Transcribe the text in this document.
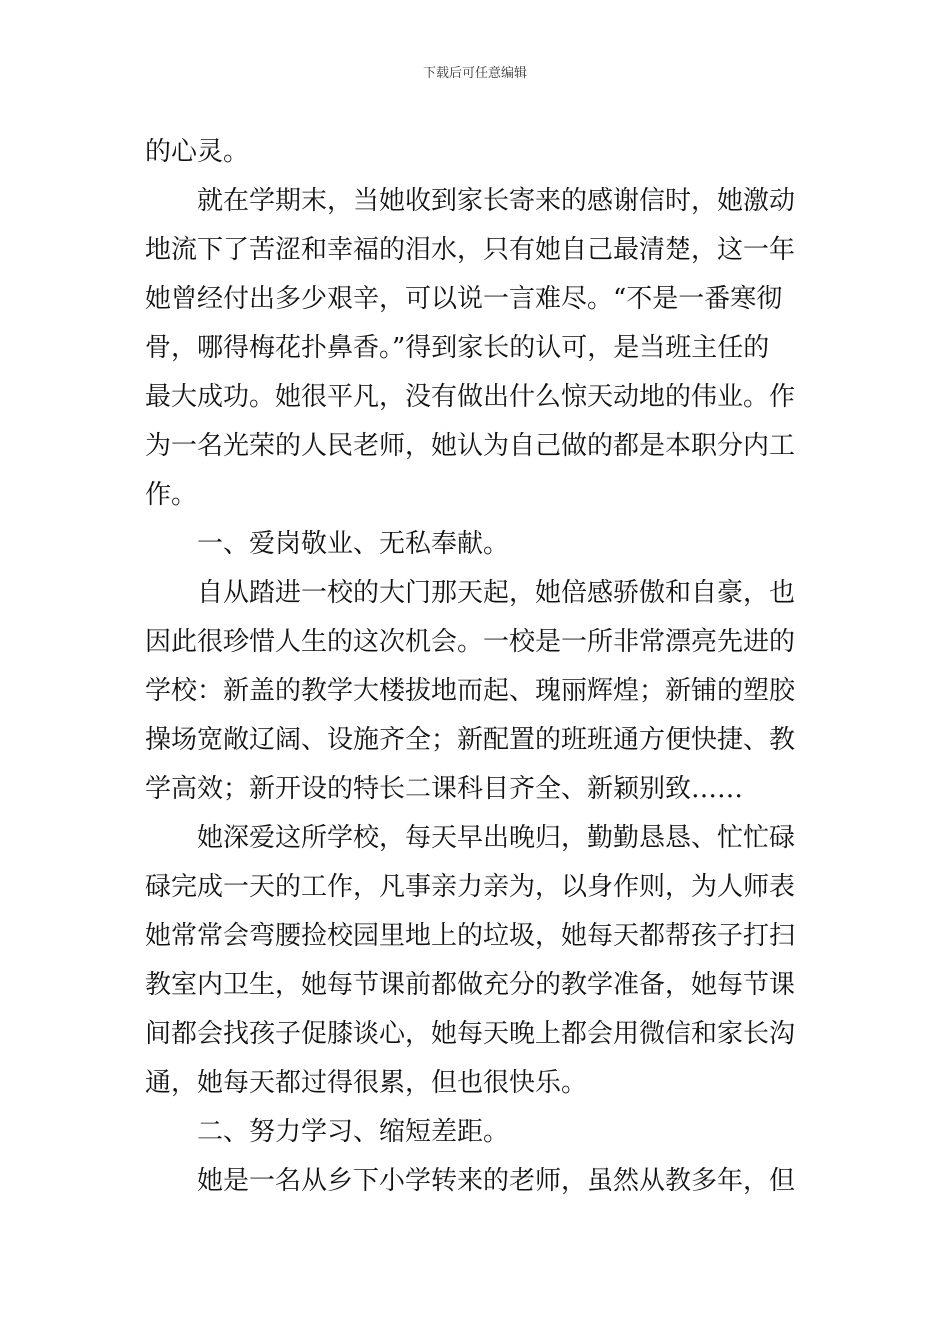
下载后可任意编辑
的心灵。
就在学期末，当她收到家长寄来的感谢信时，她激动
地流下了苦涩和幸福的泪水，只有她自己最清楚，这一年
她曾经付出多少艰辛，可以说一言难尽。“不是一番寒彻
骨，哪得梅花扑鼻香。”得到家长的认可，是当班主任的
最大成功。她很平凡，没有做出什么惊天动地的伟业。作
为一名光荣的人民老师，她认为自己做的都是本职分内工
作。
一、爱岗敬业、无私奉献。
自从踏进一校的大门那天起，她倍感骄傲和自豪，也
因此很珍惜人生的这次机会。一校是一所非常漂亮先进的
学校：新盖的教学大楼拔地而起、瑰丽辉煌；新铺的塑胶
操场宽敞辽阔、设施齐全；新配置的班班通方便快捷、教
学高效；新开设的特长二课科目齐全、新颖别致……
她深爱这所学校，每天早出晚归，勤勤恳恳、忙忙碌
碌完成一天的工作，凡事亲力亲为，以身作则，为人师表
她常常会弯腰捡校园里地上的垃圾，她每天都帮孩子打扫
教室内卫生，她每节课前都做充分的教学准备，她每节课
间都会找孩子促膝谈心，她每天晚上都会用微信和家长沟
通，她每天都过得很累，但也很快乐。
二、努力学习、缩短差距。
她是一名从乡下小学转来的老师，虽然从教多年，但
